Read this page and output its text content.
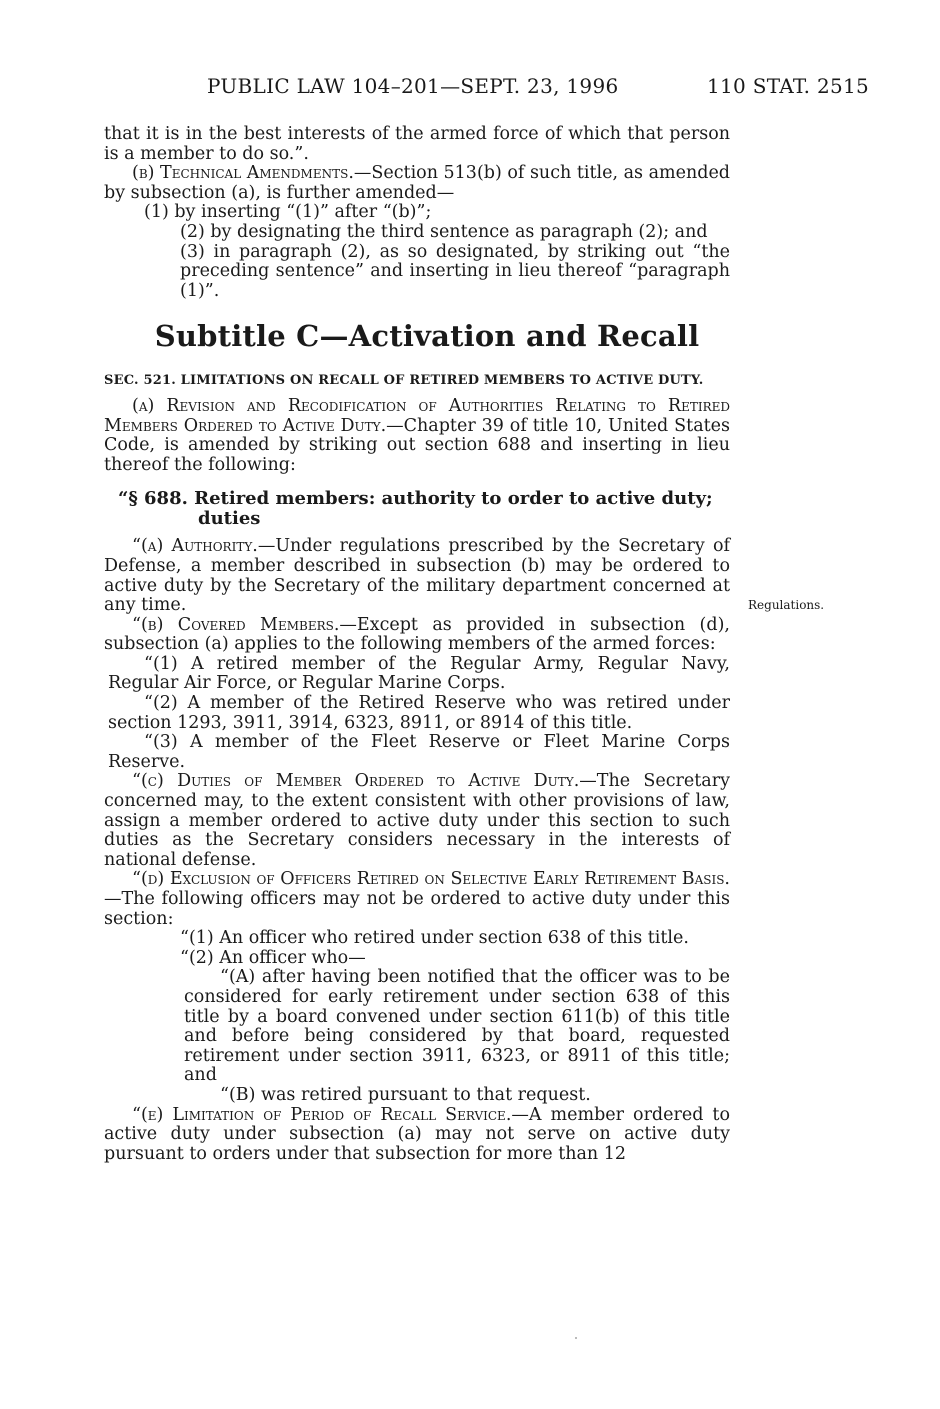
PUBLIC LAW 104–201—SEPT. 23, 1996	110 STAT. 2515
Regulations.

that it is in the best interests of the armed force of which that person is a member to do so.”.

(b) Technical Amendments.—Section 513(b) of such title, as amended by subsection (a), is further amended—

(1) by inserting “(1)” after “(b)”;

(2) by designating the third sentence as paragraph (2); and

(3) in paragraph (2), as so designated, by striking out “the preceding sentence” and inserting in lieu thereof “paragraph (1)”.

Subtitle C—Activation and Recall
SEC. 521. LIMITATIONS ON RECALL OF RETIRED MEMBERS TO ACTIVE DUTY.

(a) Revision and Recodification of Authorities Relating to Retired Members Ordered to Active Duty.—Chapter 39 of title 10, United States Code, is amended by striking out section 688 and inserting in lieu thereof the following:

“§ 688. Retired members: authority to order to active duty; duties

“(a) Authority.—Under regulations prescribed by the Secretary of Defense, a member described in subsection (b) may be ordered to active duty by the Secretary of the military department concerned at any time.

“(b) Covered Members.—Except as provided in subsection (d), subsection (a) applies to the following members of the armed forces:

“(1) A retired member of the Regular Army, Regular Navy, Regular Air Force, or Regular Marine Corps.

“(2) A member of the Retired Reserve who was retired under section 1293, 3911, 3914, 6323, 8911, or 8914 of this title.

“(3) A member of the Fleet Reserve or Fleet Marine Corps Reserve.

“(c) Duties of Member Ordered to Active Duty.—The Secretary concerned may, to the extent consistent with other provisions of law, assign a member ordered to active duty under this section to such duties as the Secretary considers necessary in the interests of national defense.

“(d) Exclusion of Officers Retired on Selective Early Retirement Basis.—The following officers may not be ordered to active duty under this section:

“(1) An officer who retired under section 638 of this title.

“(2) An officer who—

“(A) after having been notified that the officer was to be considered for early retirement under section 638 of this title by a board convened under section 611(b) of this title and before being considered by that board, requested retirement under section 3911, 6323, or 8911 of this title; and

“(B) was retired pursuant to that request.

“(e) Limitation of Period of Recall Service.—A member ordered to active duty under subsection (a) may not serve on active duty pursuant to orders under that subsection for more than 12
